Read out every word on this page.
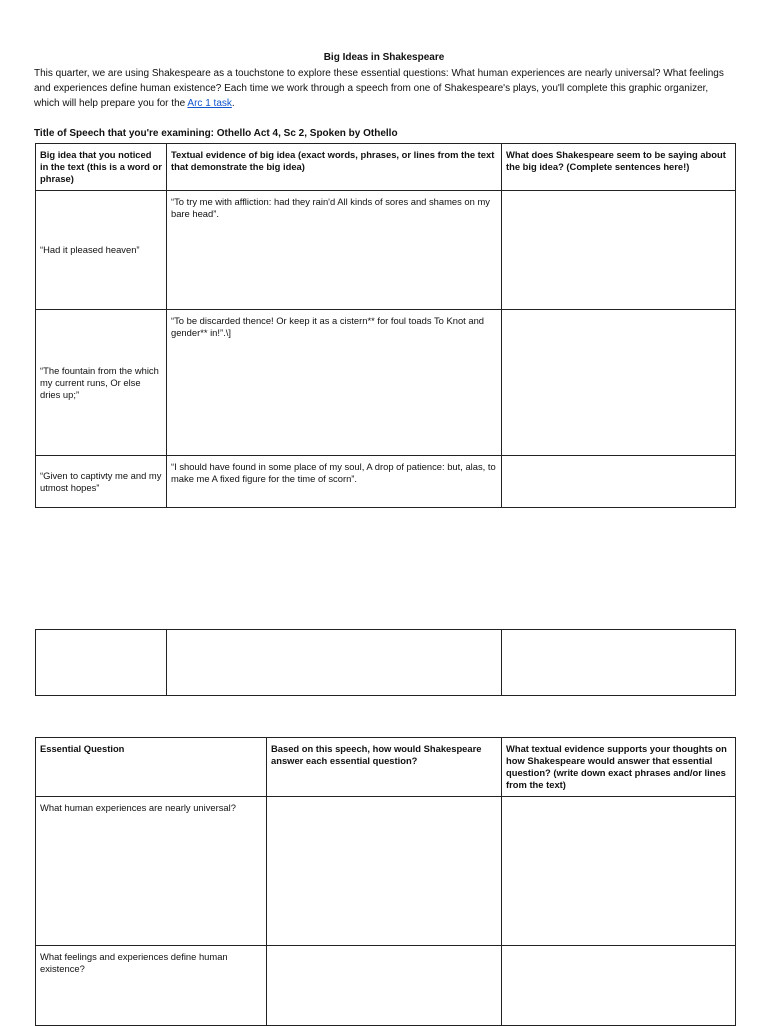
Big Ideas in Shakespeare
This quarter, we are using Shakespeare as a touchstone to explore these essential questions: What human experiences are nearly universal? What feelings and experiences define human existence? Each time we work through a speech from one of Shakespeare's plays, you'll complete this graphic organizer, which will help prepare you for the Arc 1 task.
Title of Speech that you're examining: Othello Act 4, Sc 2, Spoken by Othello
Big idea that you noticed in the text (this is a word or phrase)	Textual evidence of big idea (exact words, phrases, or lines from the text that demonstrate the big idea)	What does Shakespeare seem to be saying about the big idea? (Complete sentences here!)
“Had it pleased heaven”	“To try me with affliction: had they rain'd All kinds of sores and shames on my bare head”.	
“The fountain from the which my current runs, Or else dries up;”	“To be discarded thence! Or keep it as a cistern** for foul toads To Knot and gender** in!”.\]	
“Given to captivty me and my utmost hopes”	“I should have found in some place of my soul, A drop of patience: but, alas, to make me A fixed figure for the time of scorn”.	

Essential Question	Based on this speech, how would Shakespeare answer each essential question?	What textual evidence supports your thoughts on how Shakespeare would answer that essential question? (write down exact phrases and/or lines from the text)
What human experiences are nearly universal?		
What feelings and experiences define human existence?		
